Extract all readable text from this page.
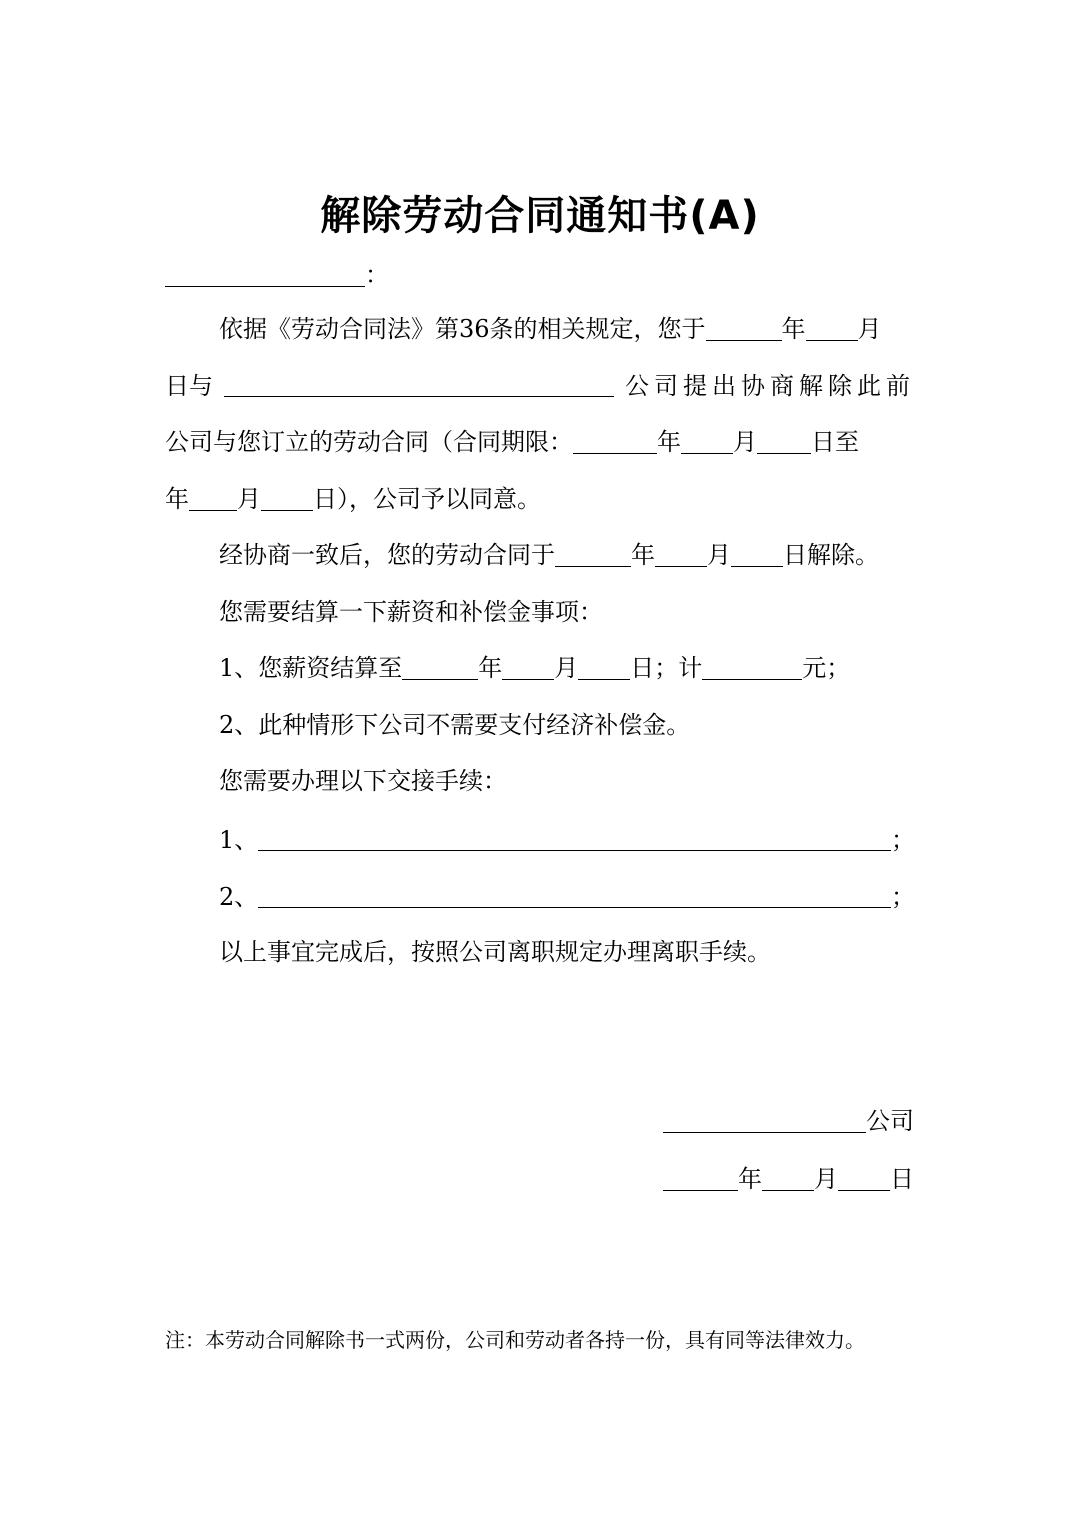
解除劳动合同通知书(A)
：
依据《劳动合同法》第36条的相关规定，您于	年 月
日与	公司提出协商解除此前
公司与您订立的劳动合同（合同期限：	年 月 日至
年 月 日），公司予以同意。
经协商一致后，您的劳动合同于	年 月 日解除。
您需要结算一下薪资和补偿金事项：
1、您薪资结算至	年 月 日；计	元；
2、此种情形下公司不需要支付经济补偿金。
您需要办理以下交接手续：
1、	；
2、	；
以上事宜完成后，按照公司离职规定办理离职手续。
公司
年 月 日
注：本劳动合同解除书一式两份，公司和劳动者各持一份，具有同等法律效力。
